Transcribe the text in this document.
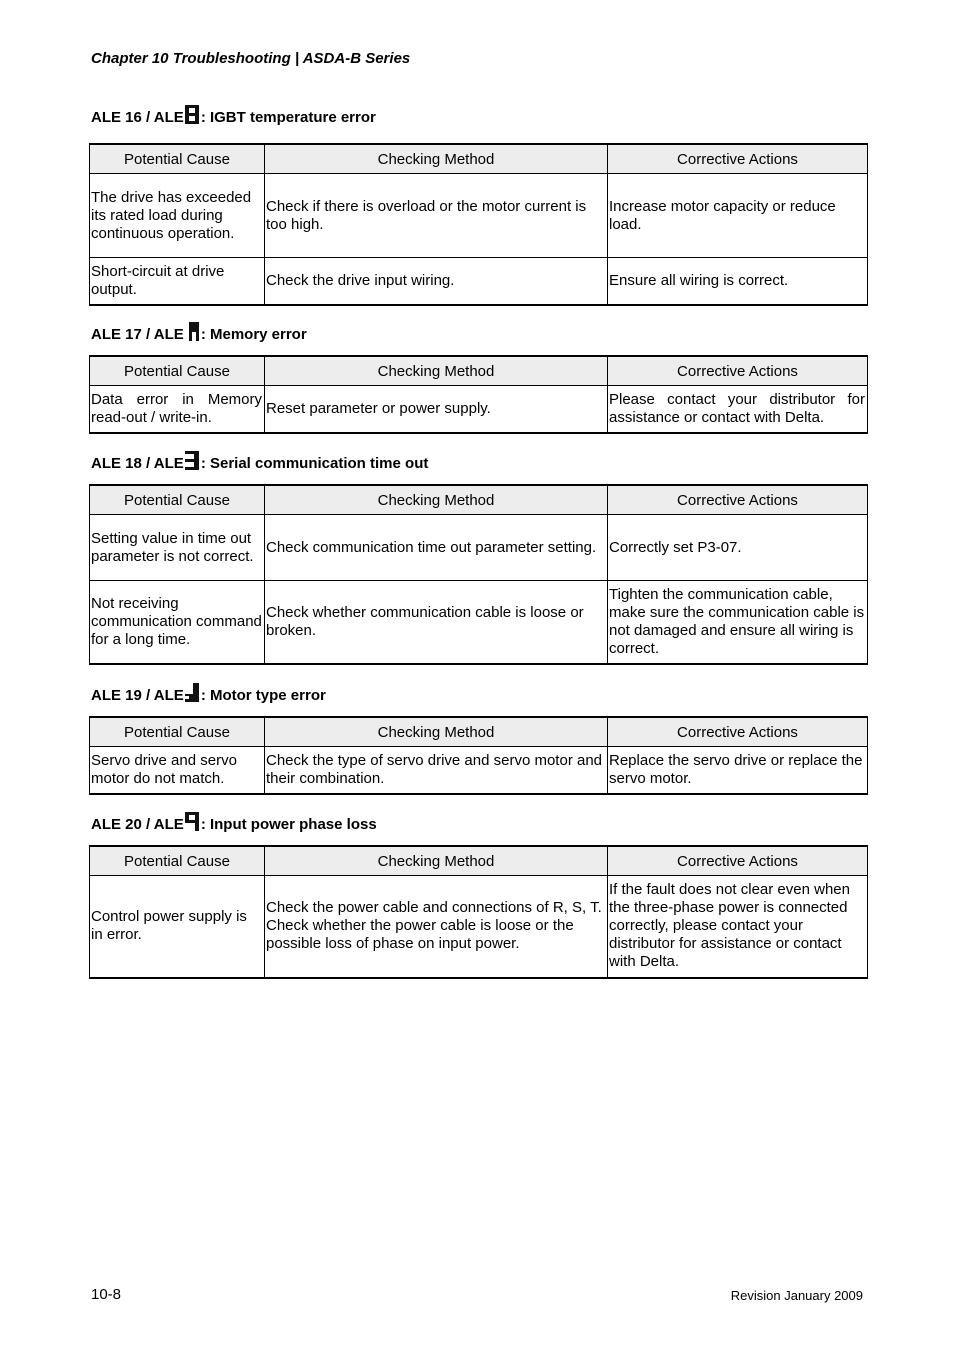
Chapter 10 Troubleshooting | ASDA-B Series
ALE 16 / ALE : IGBT temperature error
Potential Cause	Checking Method	Corrective Actions
The drive has exceeded its rated load during continuous operation.	Check if there is overload or the motor current is too high.	Increase motor capacity or reduce load.
Short-circuit at drive output.	Check the drive input wiring.	Ensure all wiring is correct.
ALE 17 / ALE : Memory error
Potential Cause	Checking Method	Corrective Actions
Data error in Memory read-out / write-in.	Reset parameter or power supply.	Please contact your distributor for assistance or contact with Delta.
ALE 18 / ALE : Serial communication time out
Potential Cause	Checking Method	Corrective Actions
Setting value in time out parameter is not correct.	Check communication time out parameter setting.	Correctly set P3-07.
Not receiving communication command for a long time.	Check whether communication cable is loose or broken.	Tighten the communication cable, make sure the communication cable is not damaged and ensure all wiring is correct.
ALE 19 / ALE : Motor type error
Potential Cause	Checking Method	Corrective Actions
Servo drive and servo motor do not match.	Check the type of servo drive and servo motor and their combination.	Replace the servo drive or replace the servo motor.
ALE 20 / ALE : Input power phase loss
Potential Cause	Checking Method	Corrective Actions
Control power supply is in error.	Check the power cable and connections of R, S, T. Check whether the power cable is loose or the possible loss of phase on input power.	If the fault does not clear even when the three-phase power is connected correctly, please contact your distributor for assistance or contact with Delta.
10-8	Revision January 2009
